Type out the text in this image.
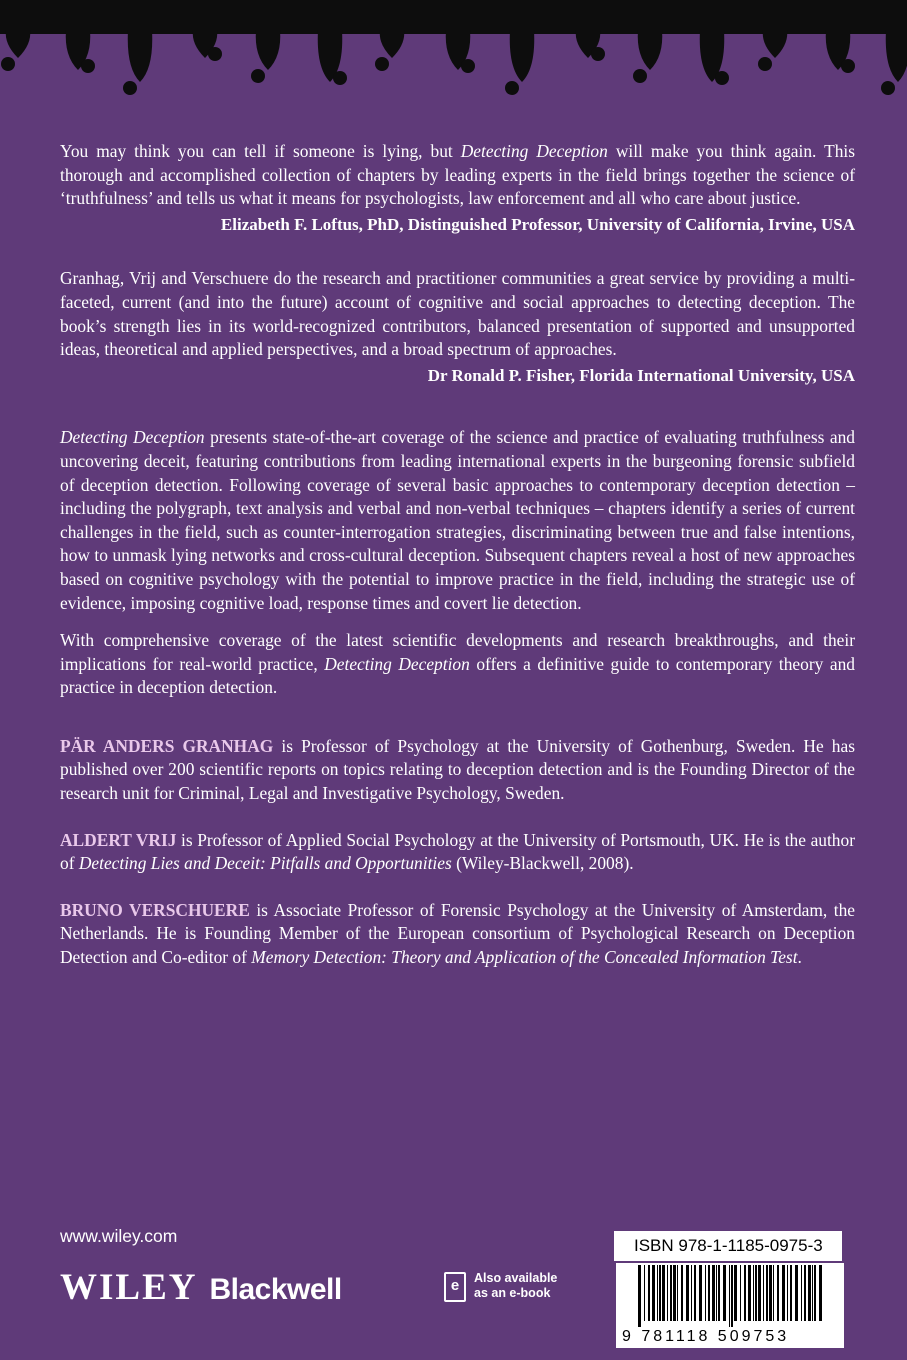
You may think you can tell if someone is lying, but Detecting Deception will make you think again. This thorough and accomplished collection of chapters by leading experts in the field brings together the science of ‘truthfulness’ and tells us what it means for psychologists, law enforcement and all who care about justice.

Elizabeth F. Loftus, PhD, Distinguished Professor, University of California, Irvine, USA

Granhag, Vrij and Verschuere do the research and practitioner communities a great service by providing a multi-faceted, current (and into the future) account of cognitive and social approaches to detecting deception. The book’s strength lies in its world-recognized contributors, balanced presentation of supported and unsupported ideas, theoretical and applied perspectives, and a broad spectrum of approaches.

Dr Ronald P. Fisher, Florida International University, USA

Detecting Deception presents state-of-the-art coverage of the science and practice of evaluating truthfulness and uncovering deceit, featuring contributions from leading international experts in the burgeoning forensic subfield of deception detection. Following coverage of several basic approaches to contemporary deception detection – including the polygraph, text analysis and verbal and non-verbal techniques – chapters identify a series of current challenges in the field, such as counter-interrogation strategies, discriminating between true and false intentions, how to unmask lying networks and cross-cultural deception. Subsequent chapters reveal a host of new approaches based on cognitive psychology with the potential to improve practice in the field, including the strategic use of evidence, imposing cognitive load, response times and covert lie detection.

With comprehensive coverage of the latest scientific developments and research breakthroughs, and their implications for real-world practice, Detecting Deception offers a definitive guide to contemporary theory and practice in deception detection.

PÄR ANDERS GRANHAG is Professor of Psychology at the University of Gothenburg, Sweden. He has published over 200 scientific reports on topics relating to deception detection and is the Founding Director of the research unit for Criminal, Legal and Investigative Psychology, Sweden.

ALDERT VRIJ is Professor of Applied Social Psychology at the University of Portsmouth, UK. He is the author of Detecting Lies and Deceit: Pitfalls and Opportunities (Wiley-Blackwell, 2008).

BRUNO VERSCHUERE is Associate Professor of Forensic Psychology at the University of Amsterdam, the Netherlands. He is Founding Member of the European consortium of Psychological Research on Deception Detection and Co-editor of Memory Detection: Theory and Application of the Concealed Information Test.

www.wiley.com
WILEY Blackwell	e	Also available
as an e-book
ISBN 978-1-1185-0975-3
9 781118 509753
